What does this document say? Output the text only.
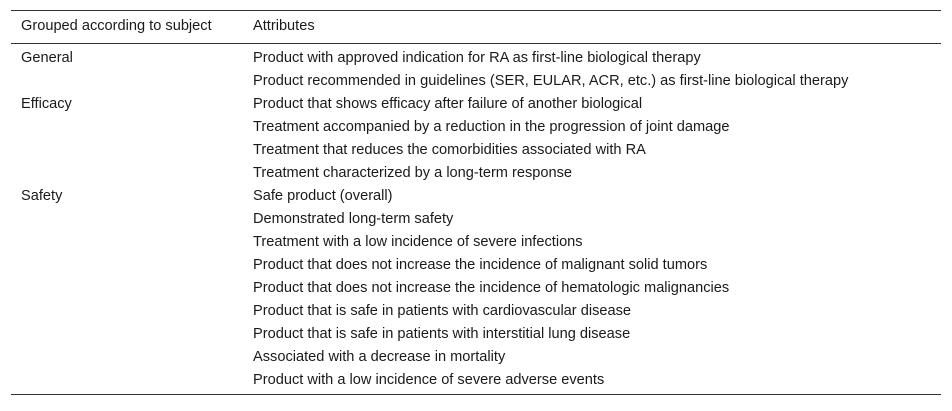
Grouped according to subject	Attributes
General	Product with approved indication for RA as first-line biological therapy
	Product recommended in guidelines (SER, EULAR, ACR, etc.) as first-line biological therapy
Efficacy	Product that shows efficacy after failure of another biological
	Treatment accompanied by a reduction in the progression of joint damage
	Treatment that reduces the comorbidities associated with RA
	Treatment characterized by a long-term response
Safety	Safe product (overall)
	Demonstrated long-term safety
	Treatment with a low incidence of severe infections
	Product that does not increase the incidence of malignant solid tumors
	Product that does not increase the incidence of hematologic malignancies
	Product that is safe in patients with cardiovascular disease
	Product that is safe in patients with interstitial lung disease
	Associated with a decrease in mortality
	Product with a low incidence of severe adverse events
